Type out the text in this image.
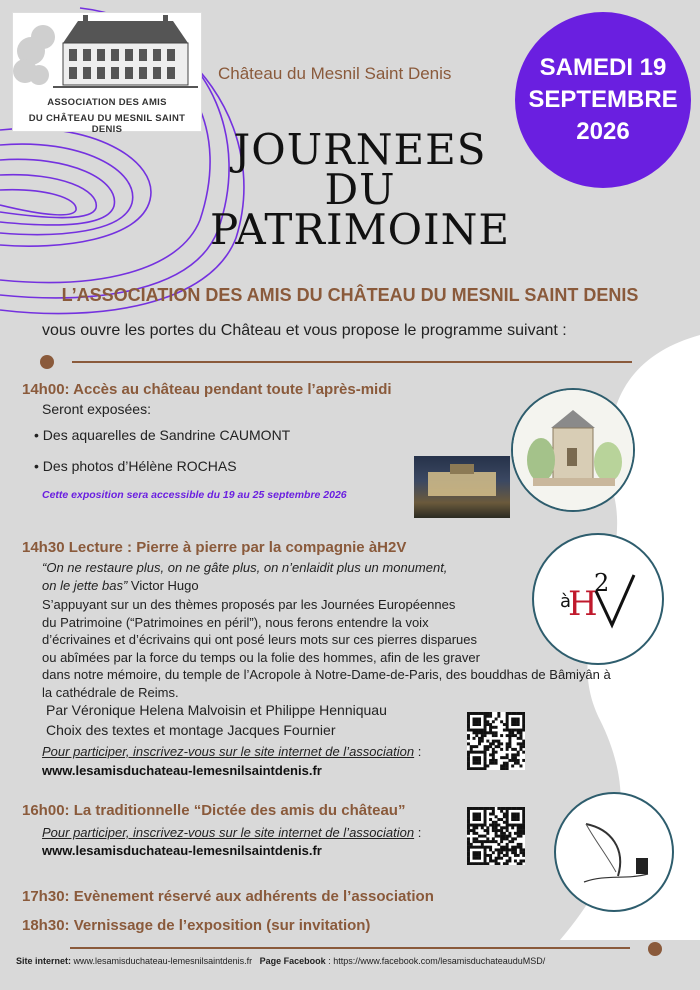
ASSOCIATION DES AMIS
DU CHÂTEAU DU MESNIL SAINT DENIS
Château du Mesnil Saint Denis	SAMEDI 19
SEPTEMBRE
2026
JOURNEES
DU
PATRIMOINE
L’ASSOCIATION DES AMIS DU CHÂTEAU DU MESNIL SAINT DENIS
vous ouvre les portes du Château et vous propose le programme suivant :
14h00: Accès au château pendant toute l’après-midi
Seront exposées:
• Des aquarelles de Sandrine CAUMONT
• Des photos d’Hélène ROCHAS
Cette exposition sera accessible du 19 au 25 septembre 2026
14h30 Lecture : Pierre à pierre par la compagnie àH2V
“On ne restaure plus, on ne gâte plus, on n’enlaidit plus un monument,
on le jette bas” Victor Hugo
S’appuyant sur un des thèmes proposés par les Journées Européennes
du Patrimoine (“Patrimoines en péril”), nous ferons entendre la voix
d’écrivaines et d’écrivains qui ont posé leurs mots sur ces pierres disparues
ou abîmées par la force du temps ou la folie des hommes, afin de les graver
dans notre mémoire, du temple de l’Acropole à Notre-Dame-de-Paris, des bouddhas de Bâmiyân à
la cathédrale de Reims.
Par Véronique Helena Malvoisin et Philippe Henniquau
Choix des textes et montage Jacques Fournier
Pour participer, inscrivez-vous sur le site internet de l’association :
www.lesamisduchateau-lemesnilsaintdenis.fr
H
à
2
16h00: La traditionnelle “Dictée des amis du château”
Pour participer, inscrivez-vous sur le site internet de l’association :
www.lesamisduchateau-lemesnilsaintdenis.fr
17h30: Evènement réservé aux adhérents de l’association
18h30: Vernissage de l’exposition (sur invitation)
Site internet: www.lesamisduchateau-lemesnilsaintdenis.fr Page Facebook : https://www.facebook.com/lesamisduchateauduMSD/
